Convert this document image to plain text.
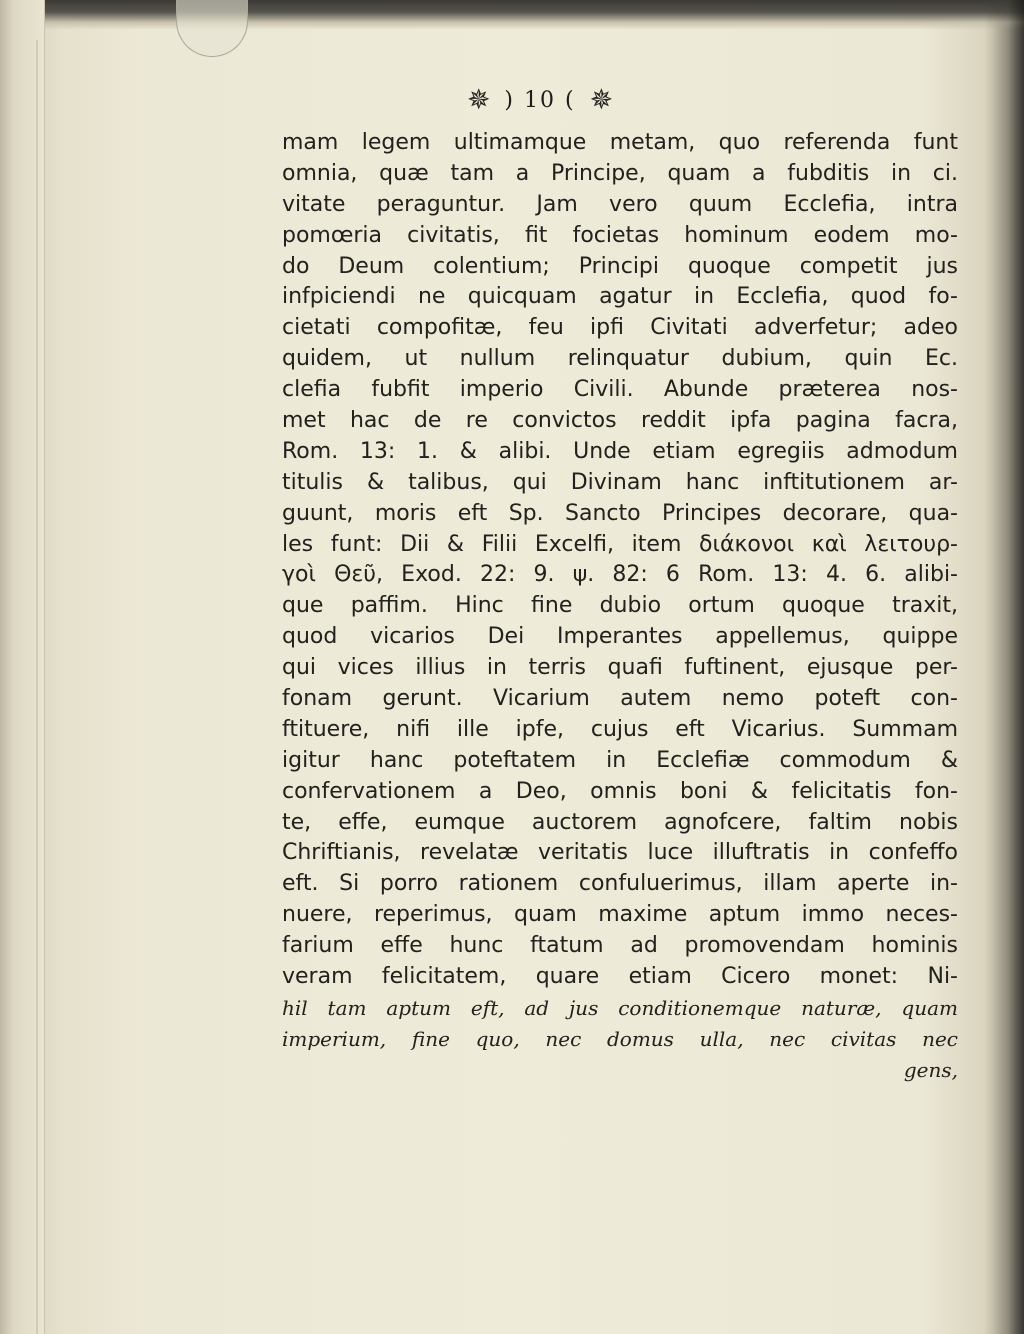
✵ ) 10 ( ✵
mam legem ultimamque metam, quo referenda funt
omnia, quæ tam a Principe, quam a fubditis in ci.
vitate peraguntur. Jam vero quum Ecclefia, intra
pomœria civitatis, fit focietas hominum eodem mo-
do Deum colentium; Principi quoque competit jus
infpiciendi ne quicquam agatur in Ecclefia, quod fo-
cietati compofitæ, feu ipfi Civitati adverfetur; adeo
quidem, ut nullum relinquatur dubium, quin Ec.
clefia fubfit imperio Civili. Abunde præterea nos-
met hac de re convictos reddit ipfa pagina facra,
Rom. 13: 1. & alibi. Unde etiam egregiis admodum
titulis & talibus, qui Divinam hanc inftitutionem ar-
guunt, moris eft Sp. Sancto Principes decorare, qua-
les funt: Dii & Filii Excelfi, item διάκονοι καὶ λειτουρ-
γοὶ Θεῦ, Exod. 22: 9. ψ. 82: 6 Rom. 13: 4. 6. alibi-
que paffim. Hinc fine dubio ortum quoque traxit,
quod vicarios Dei Imperantes appellemus, quippe
qui vices illius in terris quafi fuftinent, ejusque per-
fonam gerunt. Vicarium autem nemo poteft con-
ftituere, nifi ille ipfe, cujus eft Vicarius. Summam
igitur hanc poteftatem in Ecclefiæ commodum &
confervationem a Deo, omnis boni & felicitatis fon-
te, effe, eumque auctorem agnofcere, faltim nobis
Chriftianis, revelatæ veritatis luce illuftratis in confeffo
eft. Si porro rationem confuluerimus, illam aperte in-
nuere, reperimus, quam maxime aptum immo neces-
farium effe hunc ftatum ad promovendam hominis
veram felicitatem, quare etiam Cicero monet: Ni-
hil tam aptum eft, ad jus conditionemque naturæ, quam
imperium, fine quo, nec domus ulla, nec civitas nec
gens,
